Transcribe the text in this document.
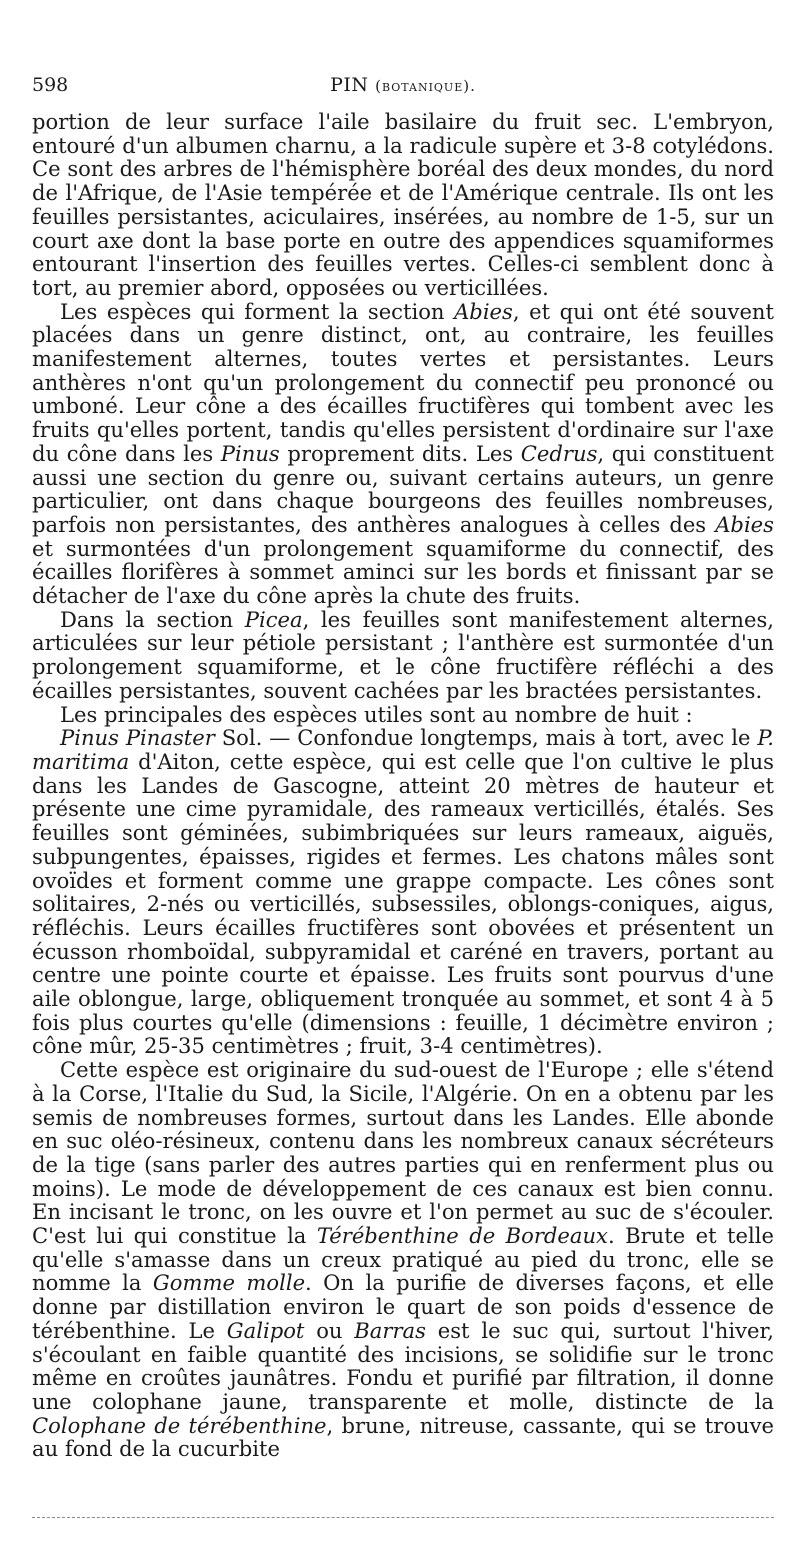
598	PIN (botanique).

portion de leur surface l'aile basilaire du fruit sec. L'embryon, entouré d'un albumen charnu, a la radicule supère et 3-8 cotylédons. Ce sont des arbres de l'hémisphère boréal des deux mondes, du nord de l'Afrique, de l'Asie tempérée et de l'Amérique centrale. Ils ont les feuilles persistantes, aciculaires, insérées, au nombre de 1-5, sur un court axe dont la base porte en outre des appendices squamiformes entourant l'insertion des feuilles vertes. Celles-ci semblent donc à tort, au premier abord, opposées ou verticillées.

Les espèces qui forment la section Abies, et qui ont été souvent placées dans un genre distinct, ont, au contraire, les feuilles manifestement alternes, toutes vertes et persistantes. Leurs anthères n'ont qu'un prolongement du connectif peu prononcé ou umboné. Leur cône a des écailles fructifères qui tombent avec les fruits qu'elles portent, tandis qu'elles persistent d'ordinaire sur l'axe du cône dans les Pinus proprement dits. Les Cedrus, qui constituent aussi une section du genre ou, suivant certains auteurs, un genre particulier, ont dans chaque bourgeons des feuilles nombreuses, parfois non persistantes, des anthères analogues à celles des Abies et surmontées d'un prolongement squamiforme du connectif, des écailles florifères à sommet aminci sur les bords et finissant par se détacher de l'axe du cône après la chute des fruits.

Dans la section Picea, les feuilles sont manifestement alternes, articulées sur leur pétiole persistant ; l'anthère est surmontée d'un prolongement squamiforme, et le cône fructifère réfléchi a des écailles persistantes, souvent cachées par les bractées persistantes.

Les principales des espèces utiles sont au nombre de huit :

Pinus Pinaster Sol. — Confondue longtemps, mais à tort, avec le P. maritima d'Aiton, cette espèce, qui est celle que l'on cultive le plus dans les Landes de Gascogne, atteint 20 mètres de hauteur et présente une cime pyramidale, des rameaux verticillés, étalés. Ses feuilles sont géminées, subimbriquées sur leurs rameaux, aiguës, subpungentes, épaisses, rigides et fermes. Les chatons mâles sont ovoïdes et forment comme une grappe compacte. Les cônes sont solitaires, 2-nés ou verticillés, subsessiles, oblongs-coniques, aigus, réfléchis. Leurs écailles fructifères sont obovées et présentent un écusson rhomboïdal, subpyramidal et caréné en travers, portant au centre une pointe courte et épaisse. Les fruits sont pourvus d'une aile oblongue, large, obliquement tronquée au sommet, et sont 4 à 5 fois plus courtes qu'elle (dimensions : feuille, 1 décimètre environ ; cône mûr, 25-35 centimètres ; fruit, 3-4 centimètres).

Cette espèce est originaire du sud-ouest de l'Europe ; elle s'étend à la Corse, l'Italie du Sud, la Sicile, l'Algérie. On en a obtenu par les semis de nombreuses formes, surtout dans les Landes. Elle abonde en suc oléo-résineux, contenu dans les nombreux canaux sécréteurs de la tige (sans parler des autres parties qui en renferment plus ou moins). Le mode de développement de ces canaux est bien connu. En incisant le tronc, on les ouvre et l'on permet au suc de s'écouler. C'est lui qui constitue la Térébenthine de Bordeaux. Brute et telle qu'elle s'amasse dans un creux pratiqué au pied du tronc, elle se nomme la Gomme molle. On la purifie de diverses façons, et elle donne par distillation environ le quart de son poids d'essence de térébenthine. Le Galipot ou Barras est le suc qui, surtout l'hiver, s'écoulant en faible quantité des incisions, se solidifie sur le tronc même en croûtes jaunâtres. Fondu et purifié par filtration, il donne une colophane jaune, transparente et molle, distincte de la Colophane de térébenthine, brune, nitreuse, cassante, qui se trouve au fond de la cucurbite
